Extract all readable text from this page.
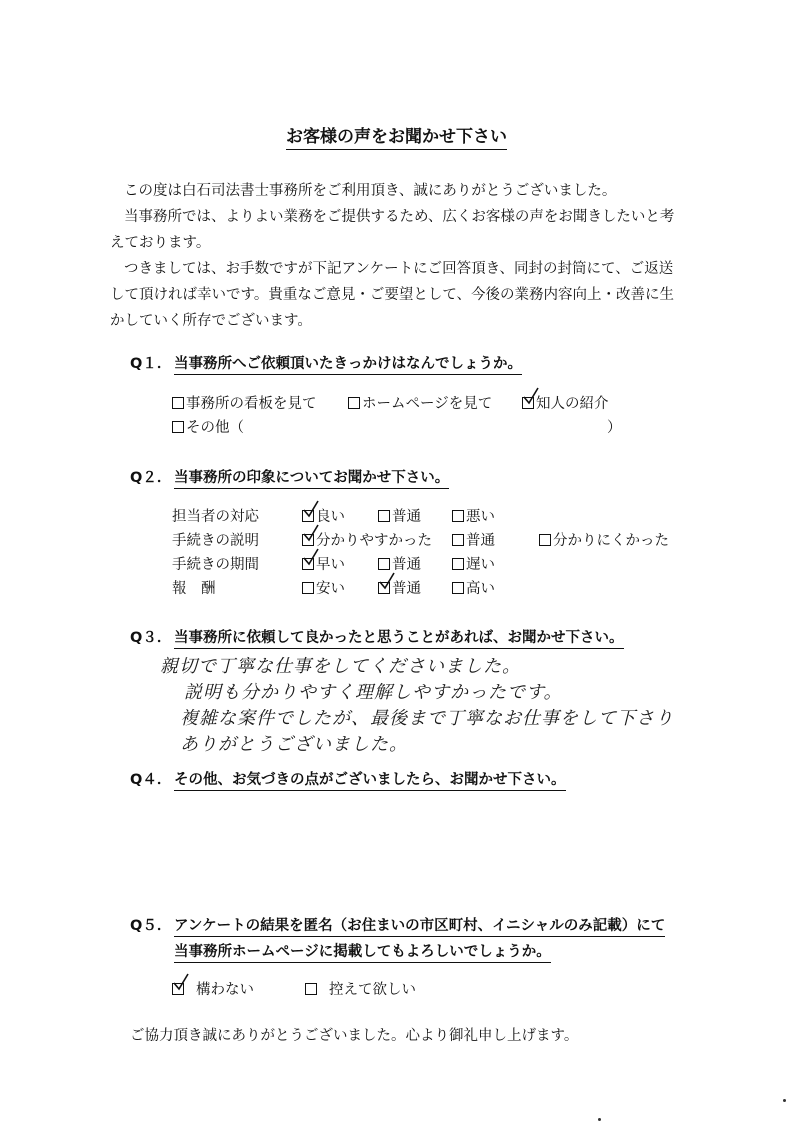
お客様の声をお聞かせ下さい
この度は白石司法書士事務所をご利用頂き、誠にありがとうございました。
当事務所では、よりよい業務をご提供するため、広くお客様の声をお聞きしたいと考えております。
つきましては、お手数ですが下記アンケートにご回答頂き、同封の封筒にて、ご返送して頂ければ幸いです。貴重なご意見・ご要望として、今後の業務内容向上・改善に生かしていく所存でございます。
Q１． 当事務所へご依頼頂いたきっかけはなんでしょうか。
事務所の看板を見て	ホームページを見て	知人の紹介
その他（	）
Q２． 当事務所の印象についてお聞かせ下さい。
担当者の対応	良い	普通	悪い
手続きの説明	分かりやすかった	普通	分かりにくかった
手続きの期間	早い	普通	遅い
報　酬	安い	普通	高い
Q３． 当事務所に依頼して良かったと思うことがあれば、お聞かせ下さい。
親切で丁寧な仕事をしてくださいました。
説明も分かりやすく理解しやすかったです。
複雑な案件でしたが、最後まで丁寧なお仕事をして下さり
ありがとうございました。
Q４． その他、お気づきの点がございましたら、お聞かせ下さい。
Q５． アンケートの結果を匿名（お住まいの市区町村、イニシャルのみ記載）にて
当事務所ホームページに掲載してもよろしいでしょうか。
構わない	控えて欲しい
ご協力頂き誠にありがとうございました。心より御礼申し上げます。
